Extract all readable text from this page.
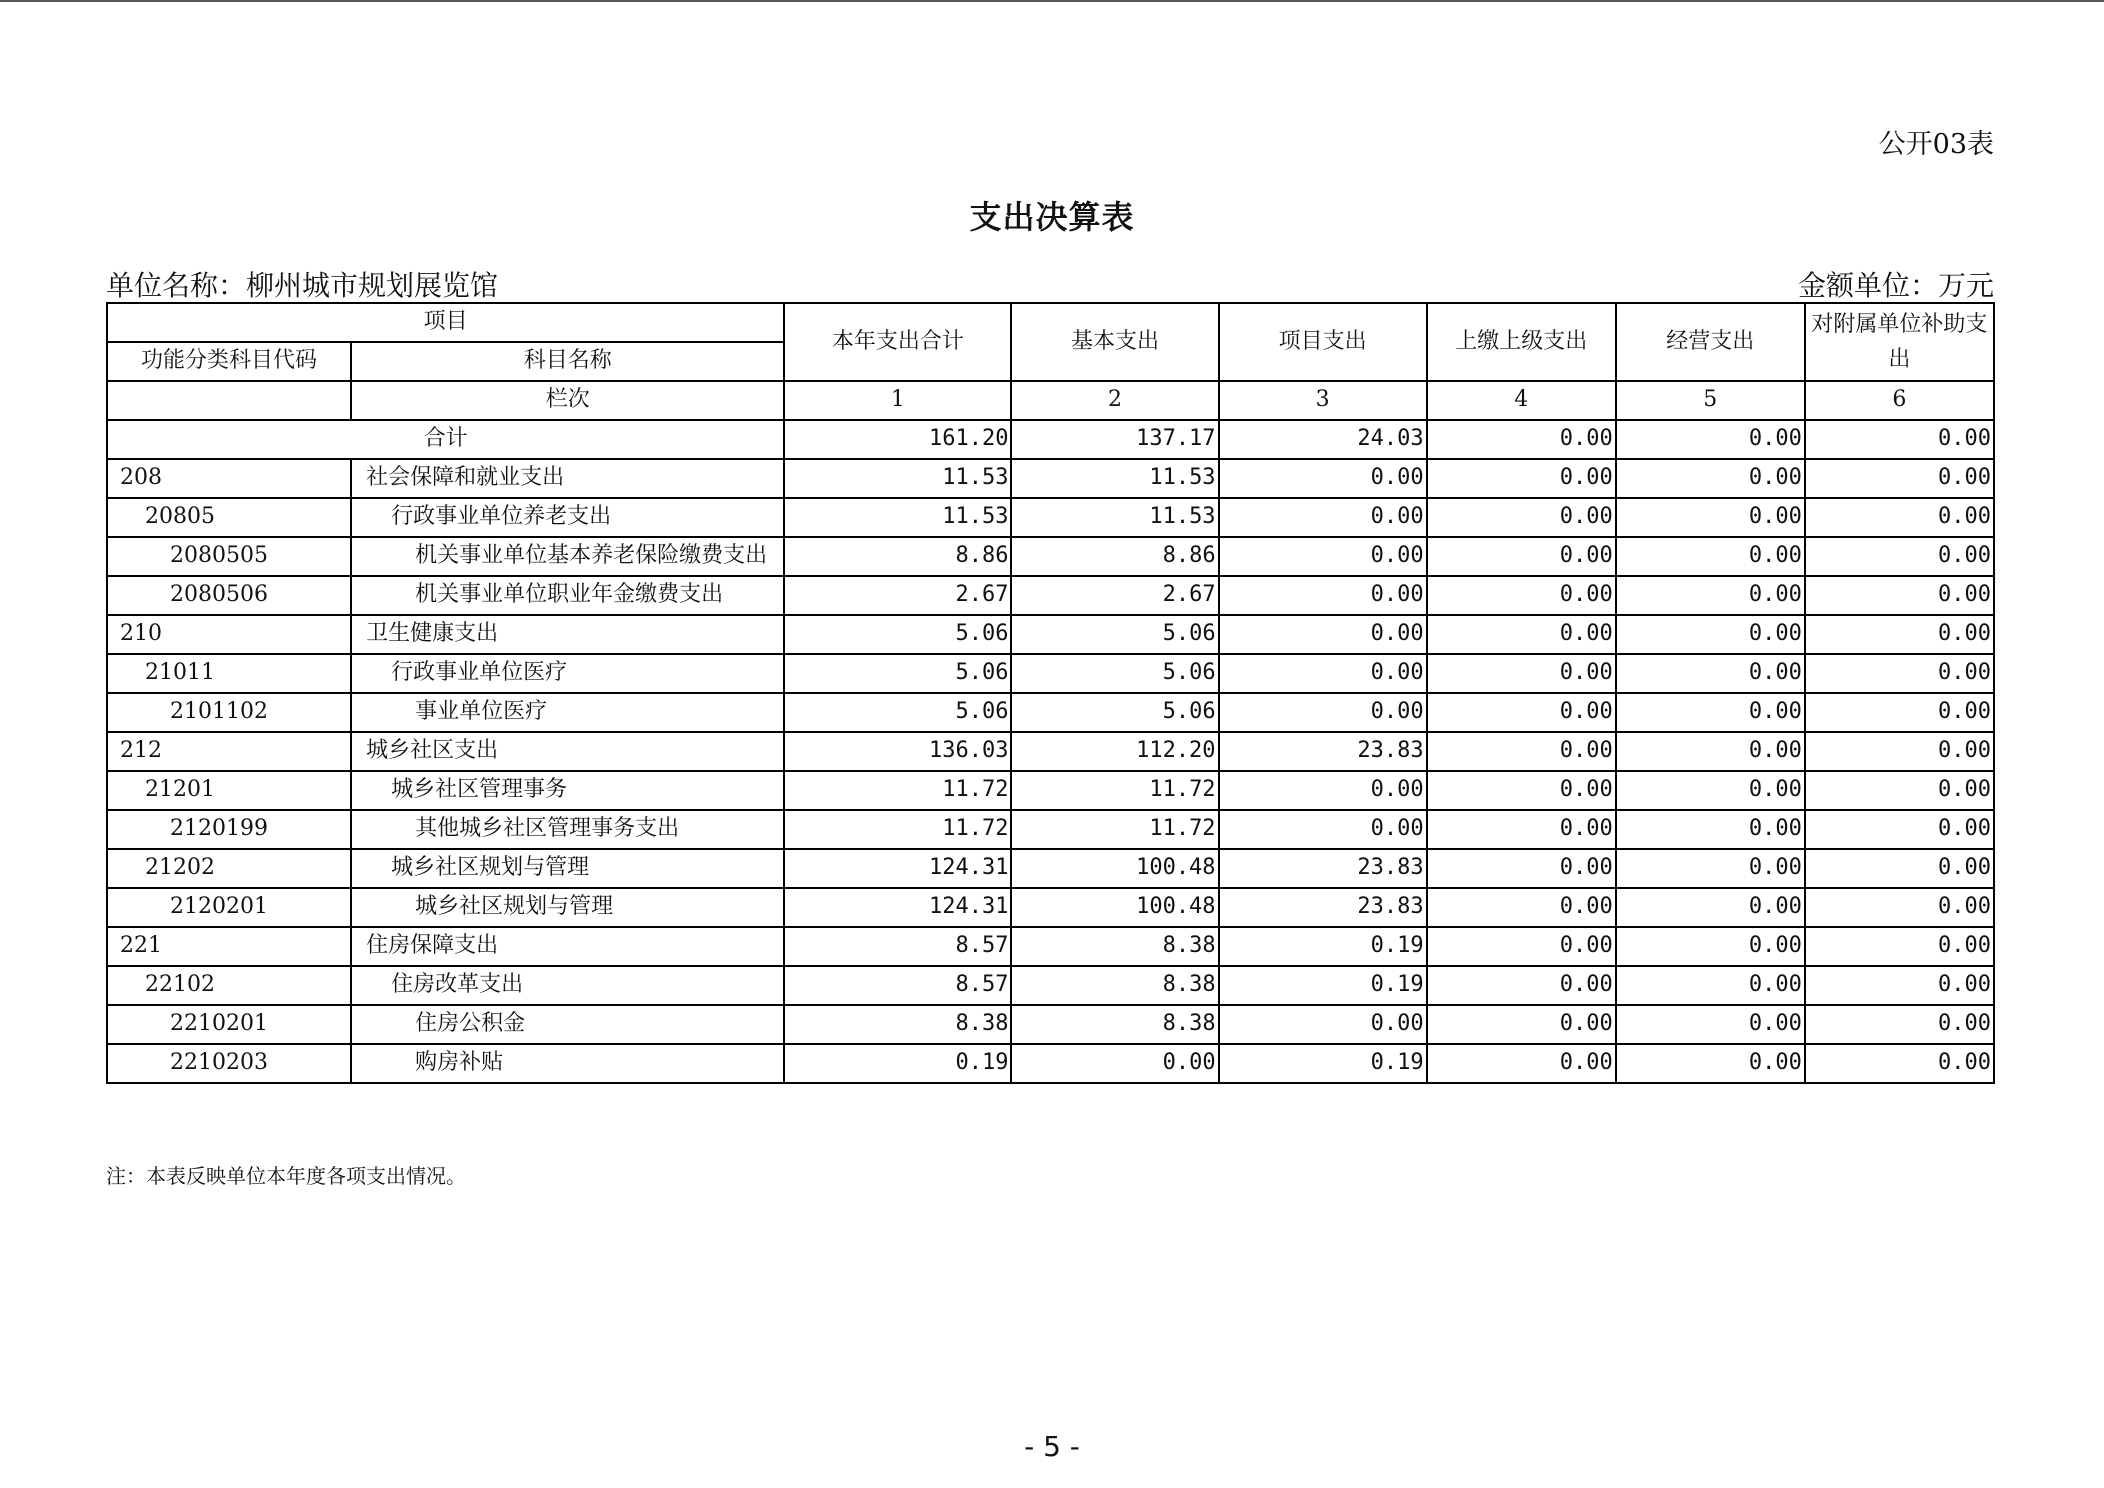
公开03表
支出决算表
单位名称：柳州城市规划展览馆	金额单位：万元
项目		本年支出合计	基本支出	项目支出	上缴上级支出	经营支出	对附属单位补助支出
功能分类科目代码	科目名称						
	栏次	1	2	3	4	5	6
合计		161.20	137.17	24.03	0.00	0.00	0.00
208	社会保障和就业支出	11.53	11.53	0.00	0.00	0.00	0.00
20805	行政事业单位养老支出	11.53	11.53	0.00	0.00	0.00	0.00
2080505	机关事业单位基本养老保险缴费支出	8.86	8.86	0.00	0.00	0.00	0.00
2080506	机关事业单位职业年金缴费支出	2.67	2.67	0.00	0.00	0.00	0.00
210	卫生健康支出	5.06	5.06	0.00	0.00	0.00	0.00
21011	行政事业单位医疗	5.06	5.06	0.00	0.00	0.00	0.00
2101102	事业单位医疗	5.06	5.06	0.00	0.00	0.00	0.00
212	城乡社区支出	136.03	112.20	23.83	0.00	0.00	0.00
21201	城乡社区管理事务	11.72	11.72	0.00	0.00	0.00	0.00
2120199	其他城乡社区管理事务支出	11.72	11.72	0.00	0.00	0.00	0.00
21202	城乡社区规划与管理	124.31	100.48	23.83	0.00	0.00	0.00
2120201	城乡社区规划与管理	124.31	100.48	23.83	0.00	0.00	0.00
221	住房保障支出	8.57	8.38	0.19	0.00	0.00	0.00
22102	住房改革支出	8.57	8.38	0.19	0.00	0.00	0.00
2210201	住房公积金	8.38	8.38	0.00	0.00	0.00	0.00
2210203	购房补贴	0.19	0.00	0.19	0.00	0.00	0.00
注：本表反映单位本年度各项支出情况。
- 5 -
